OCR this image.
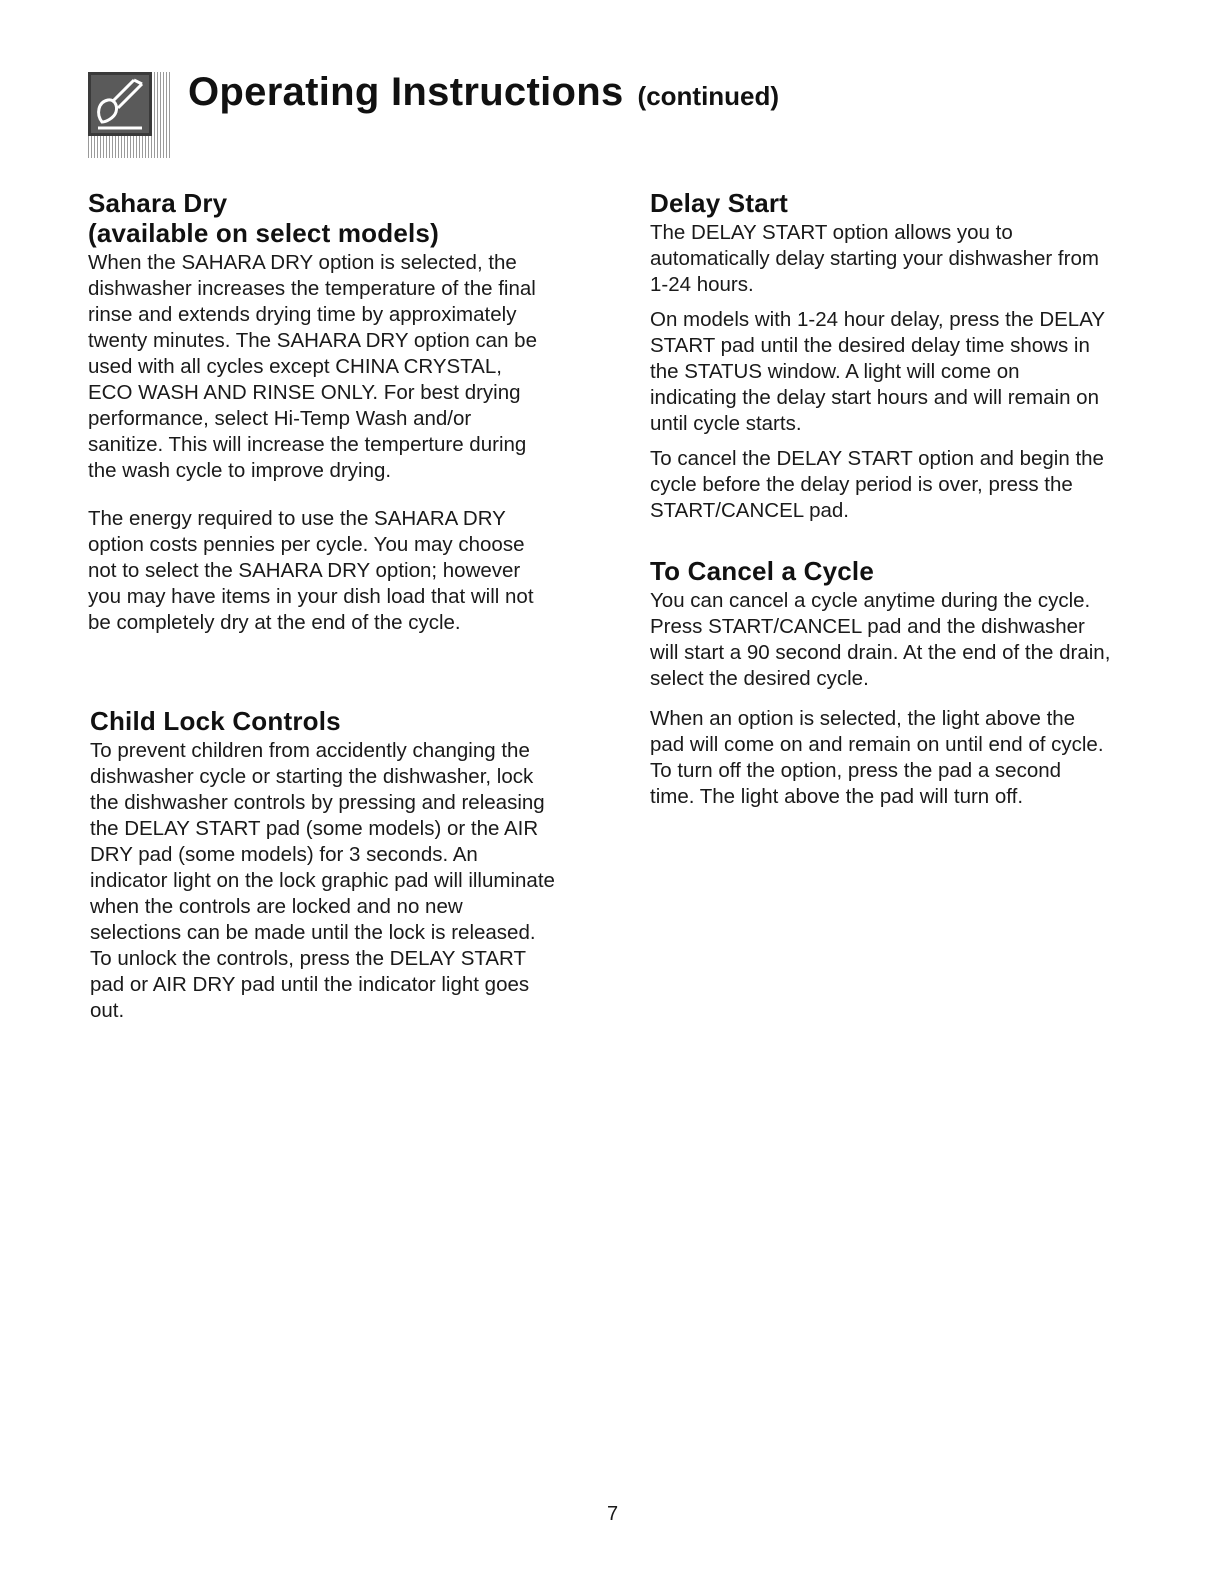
Operating Instructions (continued)
Sahara Dry
(available on select models)

When the SAHARA DRY option is selected, the

dishwasher increases the temperature of the final

rinse and extends drying time by approximately

twenty minutes. The SAHARA DRY option can be

used with all cycles except CHINA CRYSTAL,

ECO WASH AND RINSE ONLY. For best drying

performance, select Hi-Temp Wash and/or

sanitize. This will increase the temperture during

the wash cycle to improve drying.

The energy required to use the SAHARA DRY

option costs pennies per cycle. You may choose

not to select the SAHARA DRY option; however

you may have items in your dish load that will not

be completely dry at the end of the cycle.

Child Lock Controls

To prevent children from accidently changing the

dishwasher cycle or starting the dishwasher, lock

the dishwasher controls by pressing and releasing

the DELAY START pad (some models) or the AIR

DRY pad (some models) for 3 seconds. An

indicator light on the lock graphic pad will illuminate

when the controls are locked and no new

selections can be made until the lock is released.

To unlock the controls, press the DELAY START

pad or AIR DRY pad until the indicator light goes

out.

Delay Start

The DELAY START option allows you to

automatically delay starting your dishwasher from

1-24 hours.

On models with 1-24 hour delay, press the DELAY

START pad until the desired delay time shows in

the STATUS window. A light will come on

indicating the delay start hours and will remain on

until cycle starts.

To cancel the DELAY START option and begin the

cycle before the delay period is over, press the

START/CANCEL pad.

To Cancel a Cycle

You can cancel a cycle anytime during the cycle.

Press START/CANCEL pad and the dishwasher

will start a 90 second drain. At the end of the drain,

select the desired cycle.

When an option is selected, the light above the

pad will come on and remain on until end of cycle.

To turn off the option, press the pad a second

time. The light above the pad will turn off.

7
